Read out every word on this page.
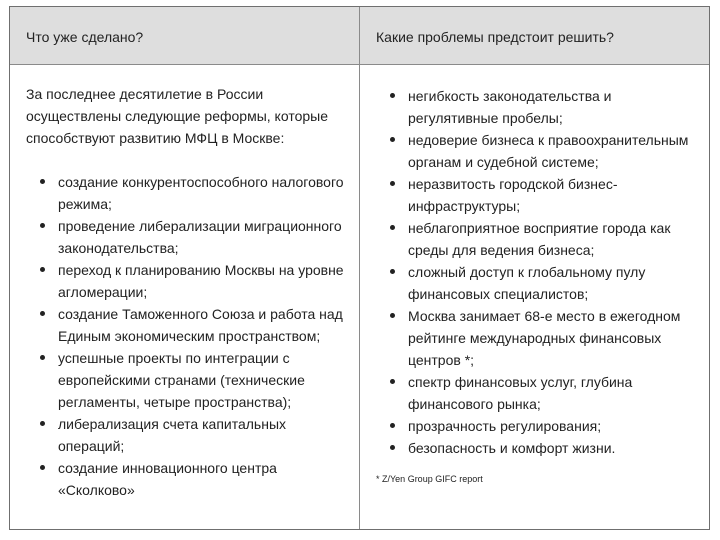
Что уже сделано?	Какие проблемы предстоит решить?

За последнее десятилетие в России осуществлены следующие реформы, которые способствуют развитию МФЦ в Москве:

создание конкурентоспособного налогового режима;
проведение либерализации миграционного законодательства;
переход к планированию Москвы на уровне агломерации;
создание Таможенного Союза и работа над Единым экономическим пространством;
успешные проекты по интеграции с европейскими странами (технические регламенты, четыре пространства);
либерализация счета капитальных операций;
создание инновационного центра «Сколково»
негибкость законодательства и регулятивные пробелы;
недоверие бизнеса к правоохранительным органам и судебной системе;
неразвитость городской бизнес-инфраструктуры;
неблагоприятное восприятие города как среды для ведения бизнеса;
сложный доступ к глобальному пулу финансовых специалистов;
Москва занимает 68-е место в ежегодном рейтинге международных финансовых центров *;
спектр финансовых услуг, глубина финансового рынка;
прозрачность регулирования;
безопасность и комфорт жизни.
* Z/Yen Group GIFC report
